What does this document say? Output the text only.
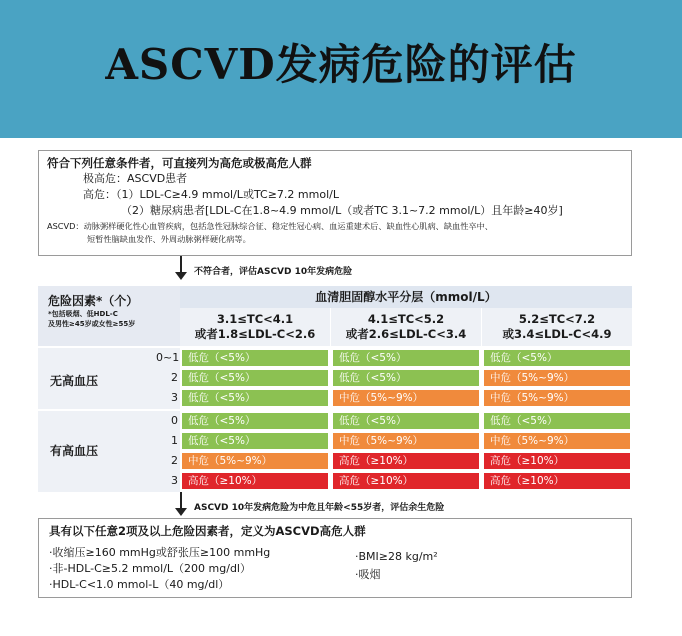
ASCVD发病危险的评估
符合下列任意条件者，可直接列为高危或极高危人群
极高危：ASCVD患者
高危：（1）LDL-C≥4.9 mmol/L或TC≥7.2 mmol/L
（2）糖尿病患者[LDL-C在1.8~4.9 mmol/L（或者TC 3.1~7.2 mmol/L）且年龄≥40岁]
ASCVD：动脉粥样硬化性心血管疾病，包括急性冠脉综合征、稳定性冠心病、血运重建术后、缺血性心肌病、缺血性卒中、
短暂性脑缺血发作、外周动脉粥样硬化病等。
不符合者，评估ASCVD 10年发病危险
危险因素*（个）
*包括吸烟、低HDL-C
及男性≥45岁或女性≥55岁
血清胆固醇水平分层（mmol/L）
3.1≤TC<4.1
或者1.8≤LDL-C<2.6
4.1≤TC<5.2
或者2.6≤LDL-C<3.4
5.2≤TC<7.2
或3.4≤LDL-C<4.9
无高血压
有高血压
0~1 低危（<5%）	低危（<5%）	低危（<5%）
2 低危（<5%）	低危（<5%）	中危（5%~9%）
3 低危（<5%）	中危（5%~9%）	中危（5%~9%）
0 低危（<5%）	低危（<5%）	低危（<5%）
1 低危（<5%）	中危（5%~9%）	中危（5%~9%）
2 中危（5%~9%）	高危（≥10%）	高危（≥10%）
3 高危（≥10%）	高危（≥10%）	高危（≥10%）
ASCVD 10年发病危险为中危且年龄<55岁者，评估余生危险
具有以下任意2项及以上危险因素者，定义为ASCVD高危人群
·收缩压≥160 mmHg或舒张压≥100 mmHg
·非-HDL-C≥5.2 mmol/L（200 mg/dl）
·HDL-C<1.0 mmol-L（40 mg/dl）
·BMI≥28 kg/m²
·吸烟
